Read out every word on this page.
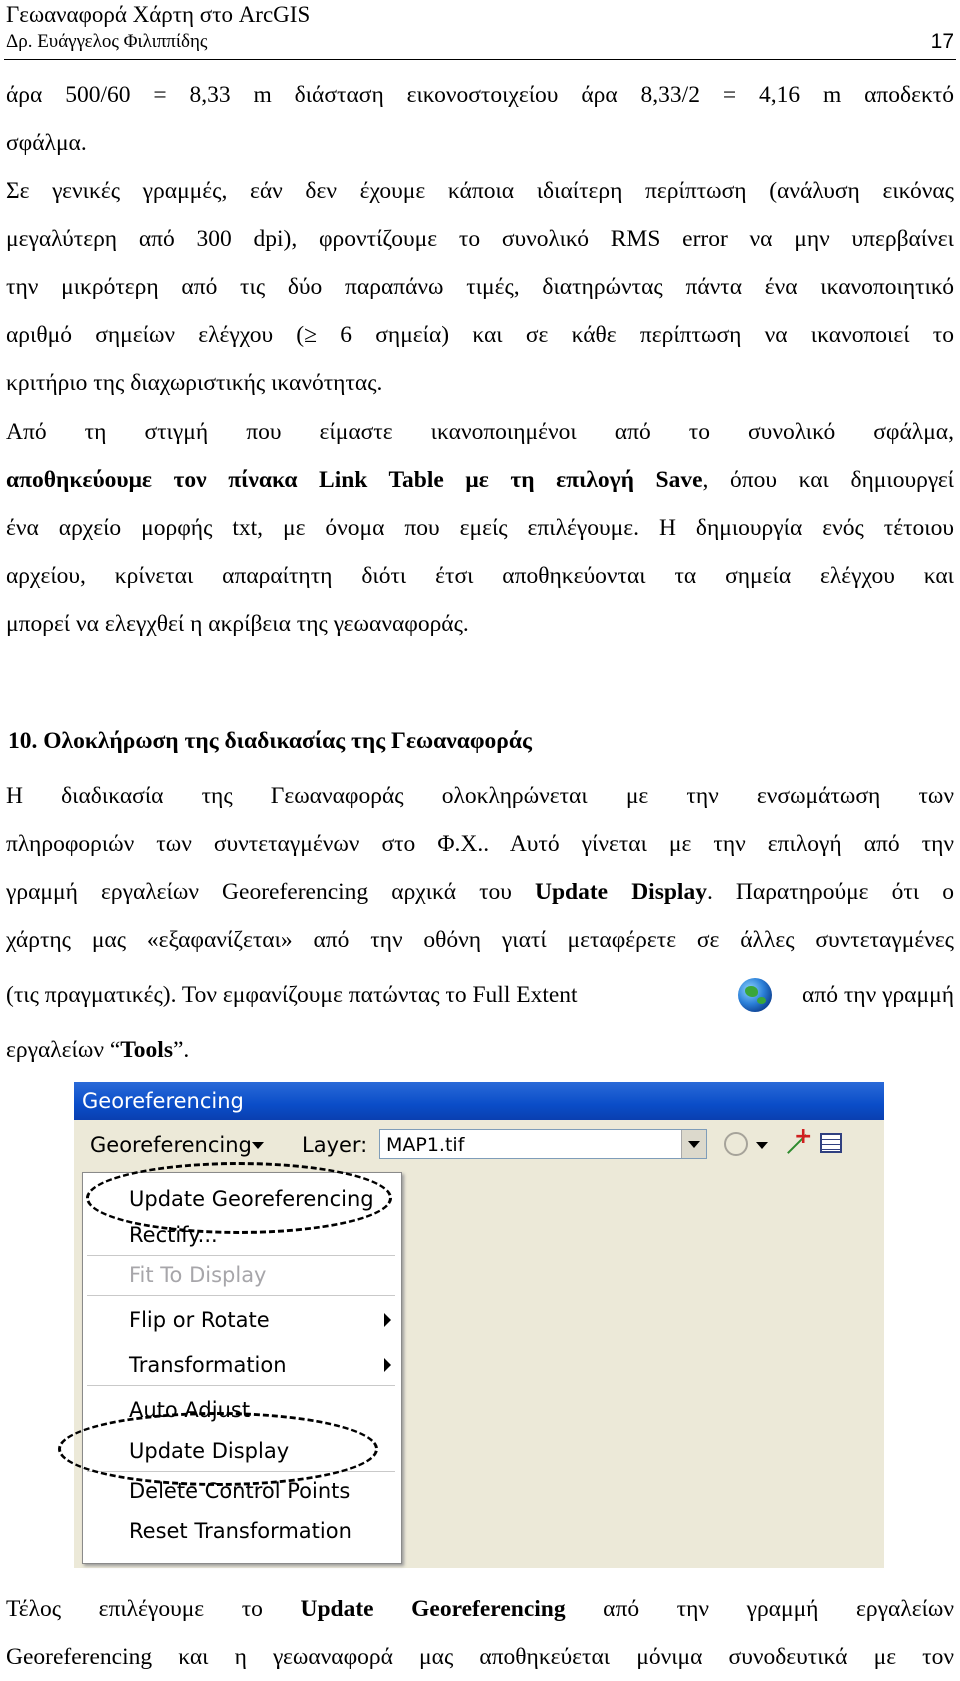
Γεωαναφορά Χάρτη στο ArcGIS
Δρ. Ευάγγελος Φιλιππίδης	17
άρα 500/60 = 8,33 m διάσταση εικονοστοιχείου άρα 8,33/2 = 4,16 m αποδεκτό
σφάλμα.
Σε γενικές γραμμές, εάν δεν έχουμε κάποια ιδιαίτερη περίπτωση (ανάλυση εικόνας
μεγαλύτερη από 300 dpi), φροντίζουμε το συνολικό RMS error να μην υπερβαίνει
την μικρότερη από τις δύο παραπάνω τιμές, διατηρώντας πάντα ένα ικανοποιητικό
αριθμό σημείων ελέγχου (≥ 6 σημεία) και σε κάθε περίπτωση να ικανοποιεί το
κριτήριο της διαχωριστικής ικανότητας.
Από τη στιγμή που είμαστε ικανοποιημένοι από το συνολικό σφάλμα,
αποθηκεύουμε τον πίνακα Link Table με τη επιλογή Save, όπου και δημιουργεί
ένα αρχείο μορφής txt, με όνομα που εμείς επιλέγουμε. Η δημιουργία ενός τέτοιου
αρχείου, κρίνεται απαραίτητη διότι έτσι αποθηκεύονται τα σημεία ελέγχου και
μπορεί να ελεγχθεί η ακρίβεια της γεωαναφοράς.
10. Ολοκλήρωση της διαδικασίας της Γεωαναφοράς
Η διαδικασία της Γεωαναφοράς ολοκληρώνεται με την ενσωμάτωση των
πληροφοριών των συντεταγμένων στο Φ.Χ.. Αυτό γίνεται με την επιλογή από την
γραμμή εργαλείων Georeferencing αρχικά του Update Display. Παρατηρούμε ότι ο
χάρτης μας «εξαφανίζεται» από την οθόνη γιατί μεταφέρετε σε άλλες συντεταγμένες
(τις πραγματικές). Τον εμφανίζουμε πατώντας το Full Extent	από την γραμμή
εργαλείων “Tools”.
Georeferencing
Georeferencing Layer: MAP1.tif
+
Update Georeferencing
Rectify...
Fit To Display
Flip or Rotate
Transformation
Auto Adjust
Update Display
Delete Control Points
Reset Transformation
Τέλος επιλέγουμε το Update Georeferencing από την γραμμή εργαλείων
Georeferencing και η γεωαναφορά μας αποθηκεύεται μόνιμα συνοδευτικά με τον
